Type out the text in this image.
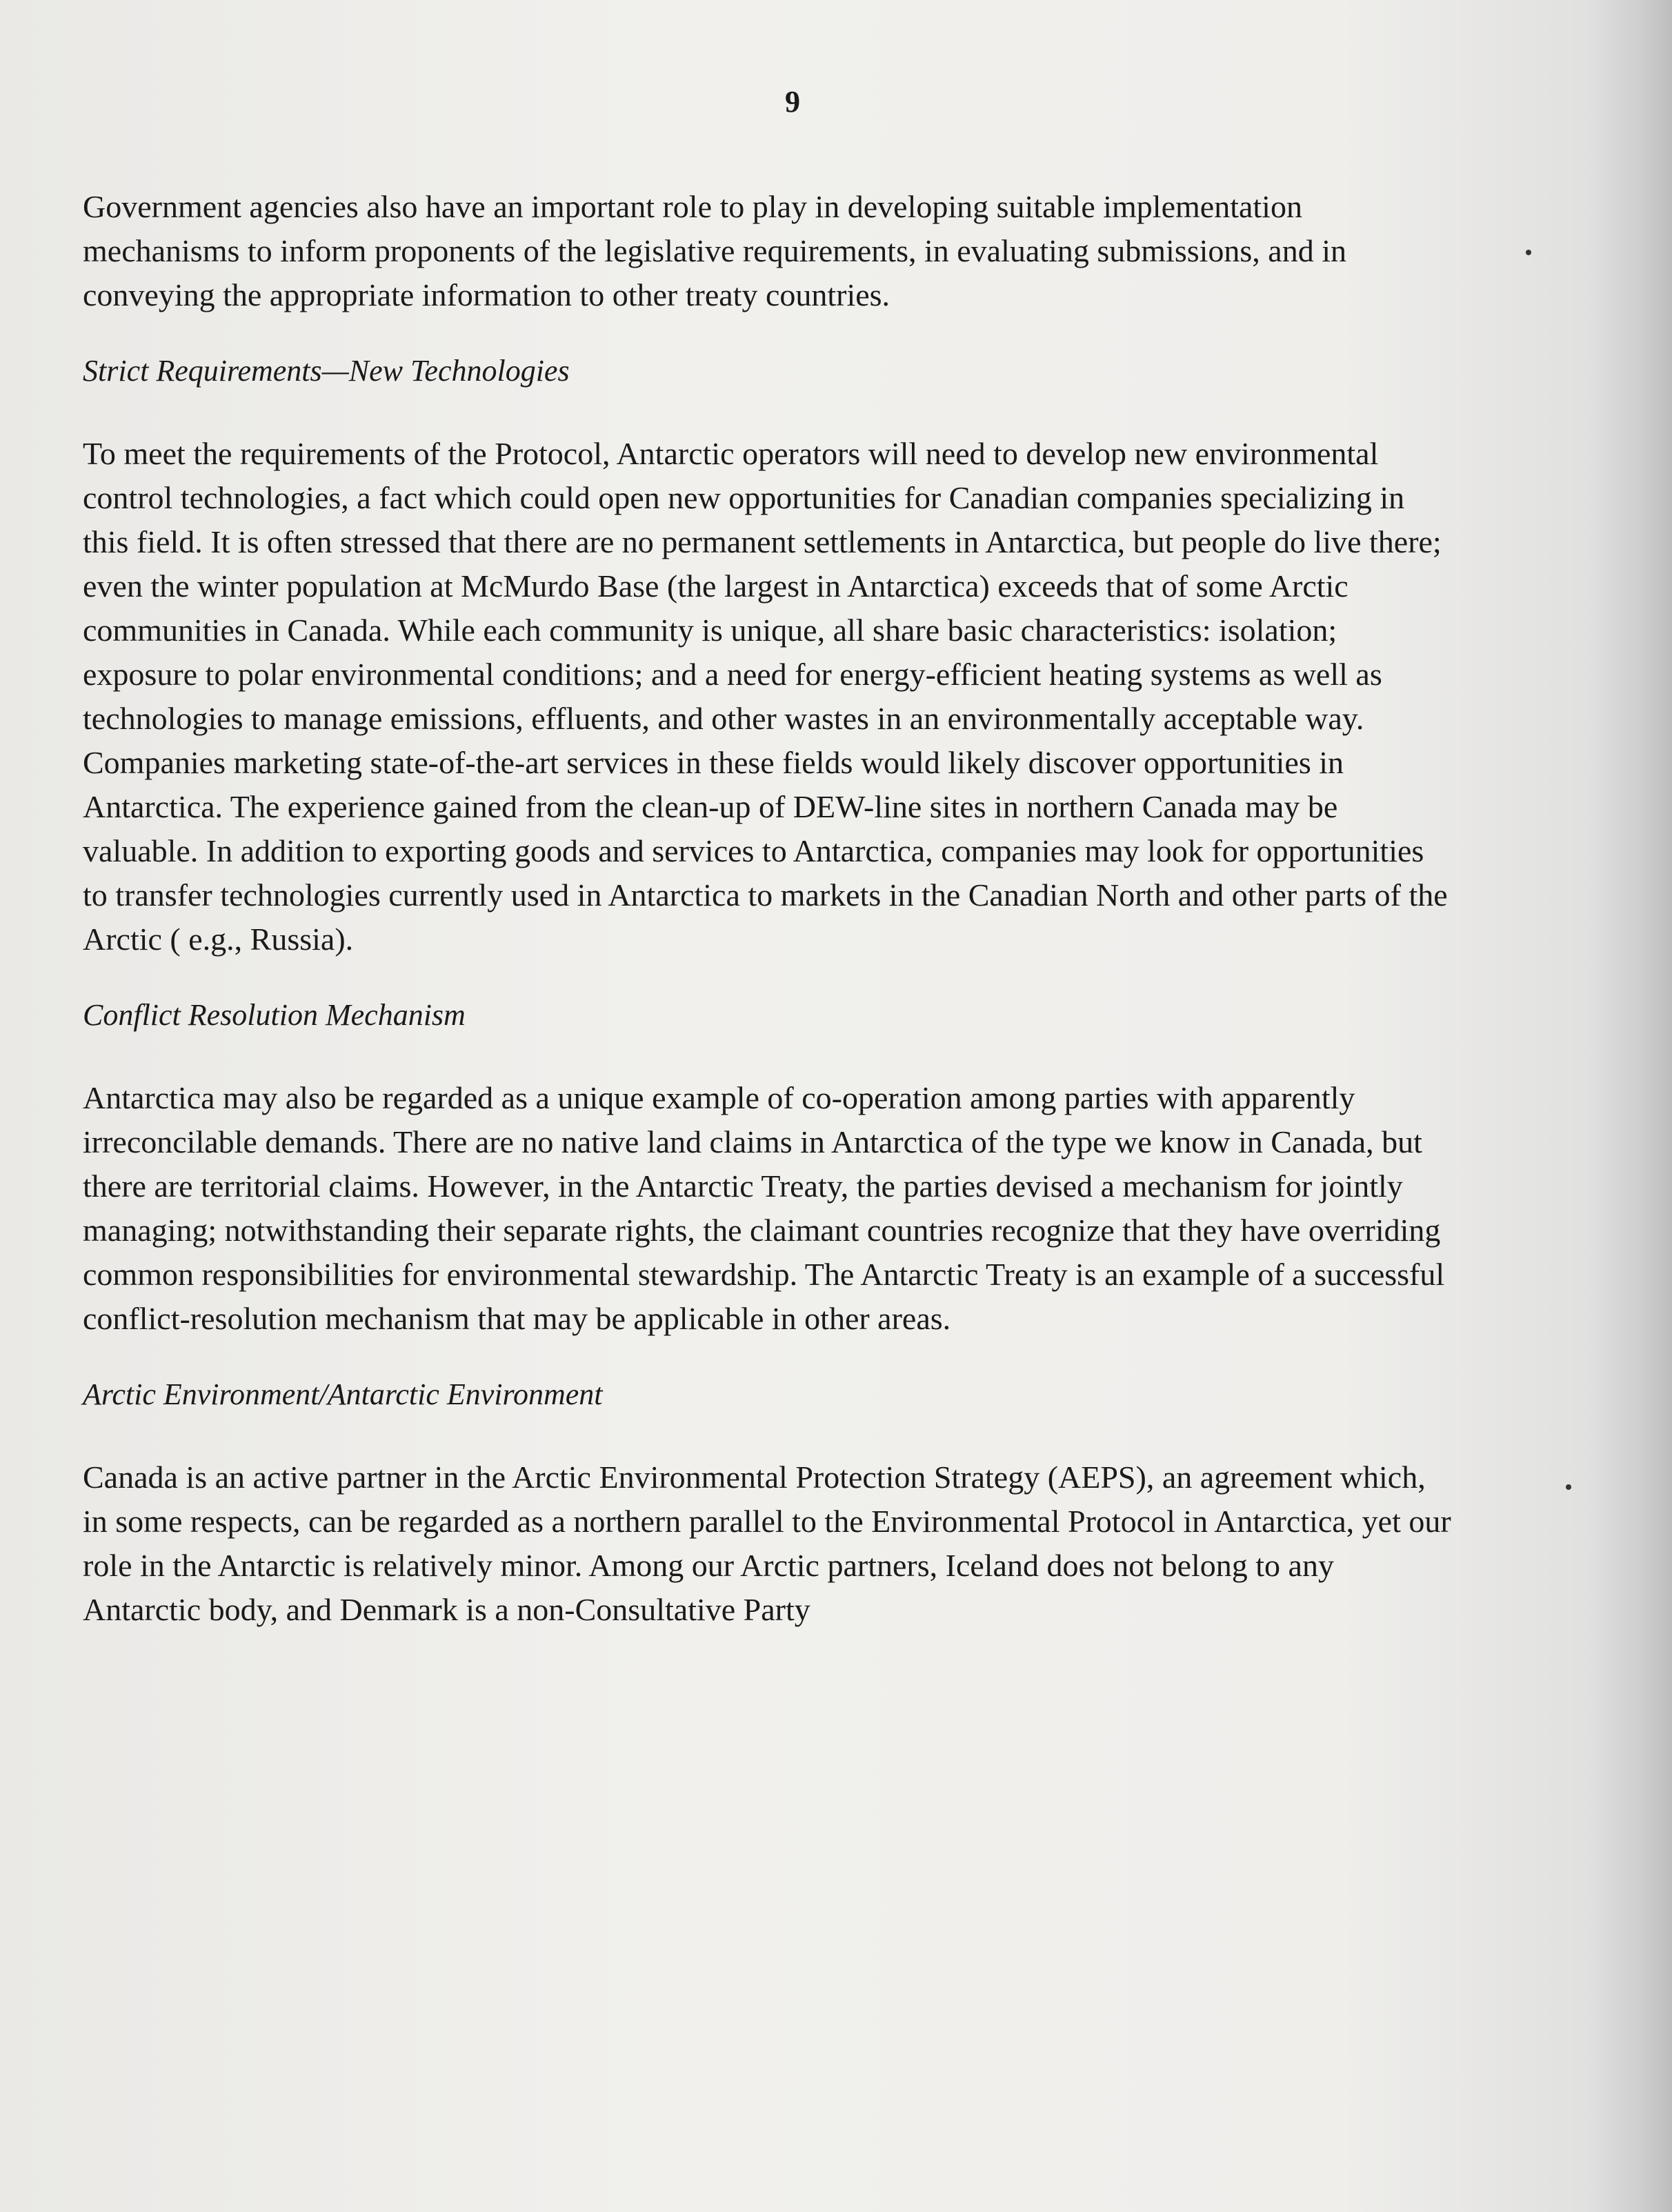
9

Government agencies also have an important role to play in developing suitable implementation mechanisms to inform proponents of the legislative requirements, in evaluating submissions, and in conveying the appropriate information to other treaty countries.

Strict Requirements—New Technologies

To meet the requirements of the Protocol, Antarctic operators will need to develop new environmental control technologies, a fact which could open new opportunities for Canadian companies specializing in this field. It is often stressed that there are no permanent settlements in Antarctica, but people do live there; even the winter population at McMurdo Base (the largest in Antarctica) exceeds that of some Arctic communities in Canada. While each community is unique, all share basic characteristics: isolation; exposure to polar environmental conditions; and a need for energy-efficient heating systems as well as technologies to manage emissions, effluents, and other wastes in an environmentally acceptable way. Companies marketing state-of-the-art services in these fields would likely discover opportunities in Antarctica. The experience gained from the clean-up of DEW-line sites in northern Canada may be valuable. In addition to exporting goods and services to Antarctica, companies may look for opportunities to transfer technologies currently used in Antarctica to markets in the Canadian North and other parts of the Arctic ( e.g., Russia).

Conflict Resolution Mechanism

Antarctica may also be regarded as a unique example of co-operation among parties with apparently irreconcilable demands. There are no native land claims in Antarctica of the type we know in Canada, but there are territorial claims. However, in the Antarctic Treaty, the parties devised a mechanism for jointly managing; notwithstanding their separate rights, the claimant countries recognize that they have overriding common responsibilities for environmental stewardship. The Antarctic Treaty is an example of a successful conflict-resolution mechanism that may be applicable in other areas.

Arctic Environment/Antarctic Environment

Canada is an active partner in the Arctic Environmental Protection Strategy (AEPS), an agreement which, in some respects, can be regarded as a northern parallel to the Environmental Protocol in Antarctica, yet our role in the Antarctic is relatively minor. Among our Arctic partners, Iceland does not belong to any Antarctic body, and Denmark is a non-Consultative Party
